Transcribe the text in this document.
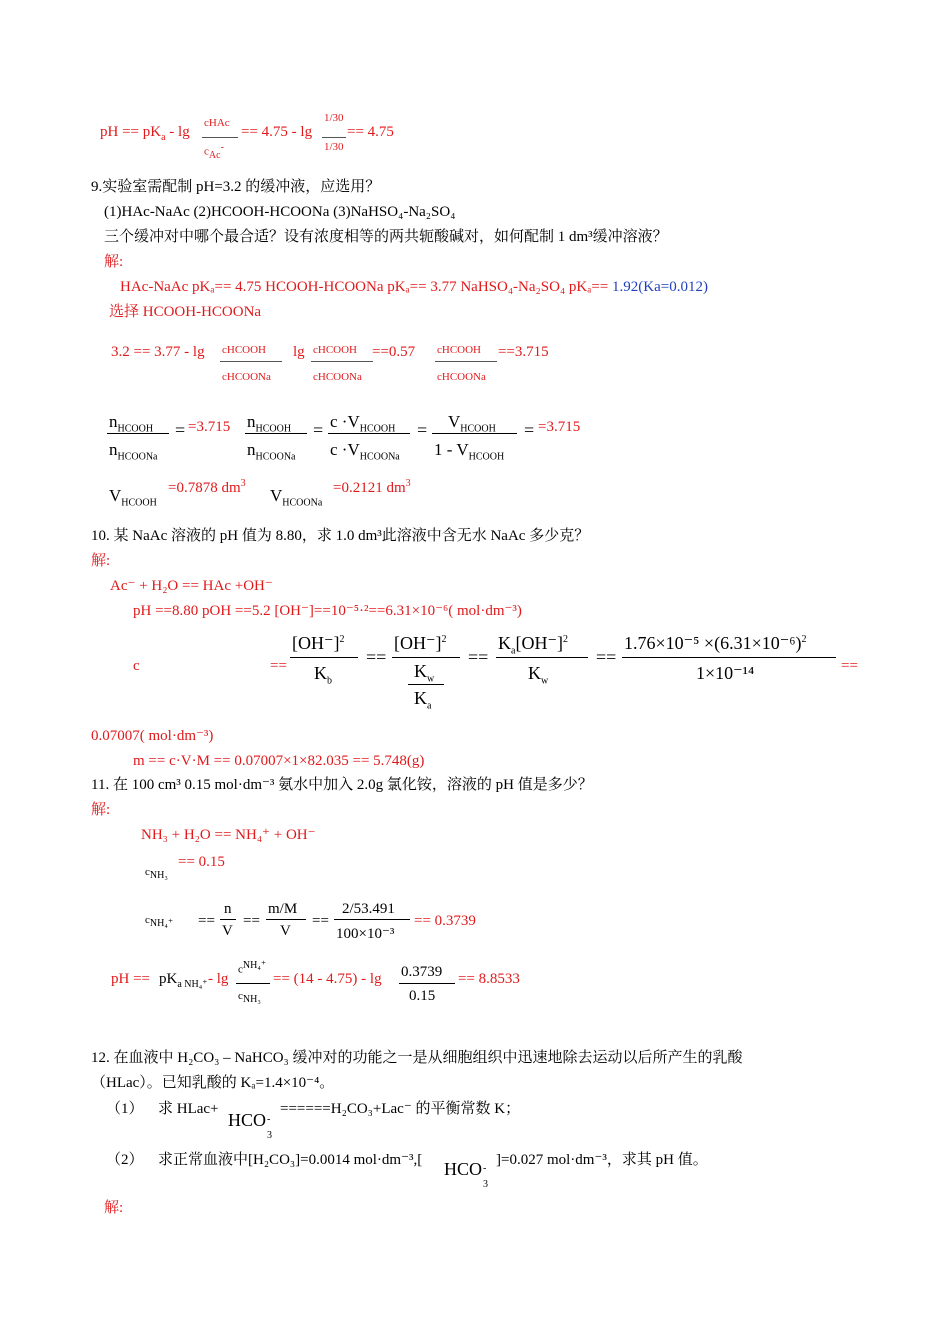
pH == $pK_a$ - lg
cHAc
$c_{Ac}^-$
== 4.75 - lg
1/30
1/30
== 4.75
9.实验室需配制 pH=3.2 的缓冲液，应选用？
(1)HAc-NaAc (2)HCOOH-HCOONa (3)NaHSO₄-Na₂SO₄
三个缓冲对中哪个最合适？设有浓度相等的两共轭酸碱对，如何配制 1 dm³缓冲溶液？
解:
HAc-NaAc pKₐ== 4.75 HCOOH-HCOONa pKₐ== 3.77 NaHSO₄-Na₂SO₄ pKₐ== 1.92(Ka=0.012)
选择 HCOOH-HCOONa
3.2 == 3.77 - lg cHCOOH
cHCOONa
lg cHCOOH
cHCOONa
==0.57 cHCOOH
cHCOONa
==3.715
$n_{HCOOH}$
$n_{HCOONa}$
= =3.715 $n_{HCOOH}$
$n_{HCOONa}$
= $c \cdot V_{HCOOH}$
$c \cdot V_{HCOONa}$
= $V_{HCOOH}$
$1 - V_{HCOOH}$
= =3.715
$V_{HCOOH}$
=0.7878 $dm^3$
$V_{HCOONa}$
=0.2121 $dm^3$
10. 某 NaAc 溶液的 pH 值为 8.80，求 1.0 dm³此溶液中含无水 NaAc 多少克？
解:
Ac⁻ + H₂O == HAc +OH⁻
pH ==8.80 pOH ==5.2 [OH⁻]==10⁻⁵·²==6.31×10⁻⁶( mol·dm⁻³)
c	==
$[OH^-]^2$
$K_b$
==
$[OH^-]^2$
$K_w$
$K_a$
==
$K_a[OH^-]^2$
$K_w$
==
$1.76\times 10^{-5} \times(6.31\times 10^{-6})^2$
1×10⁻¹⁴	==
0.07007( mol·dm⁻³)
m == c·V·M == 0.07007×1×82.035 == 5.748(g)
11. 在 100 cm³ 0.15 mol·dm⁻³ 氨水中加入 2.0g 氯化铵，溶液的 pH 值是多少？
解:
NH₃ + H₂O == NH₄⁺ + OH⁻
$c_{NH_3}$
== 0.15
$c_{NH_4^+}$ ==
n
V
==
m/M
V
==
2/53.491
100×10⁻³
== 0.3739
pH == $pK_{a NH_4^+}$ - lg
$c^{NH_4^+}$
$c_{NH_3}$
== (14 - 4.75) - lg 0.3739
0.15
== 8.8533
12. 在血液中 H₂CO₃ – NaHCO₃ 缓冲对的功能之一是从细胞组织中迅速地除去运动以后所产生的乳酸
（HLac）。已知乳酸的 Kₐ=1.4×10⁻⁴。
（1） 求 HLac+
HCO -
3
======H₂CO₃+Lac⁻ 的平衡常数 K；
（2） 求正常血液中[H₂CO₃]=0.0014 mol·dm⁻³,[ HCO -
3
]=0.027 mol·dm⁻³，求其 pH 值。
解:
